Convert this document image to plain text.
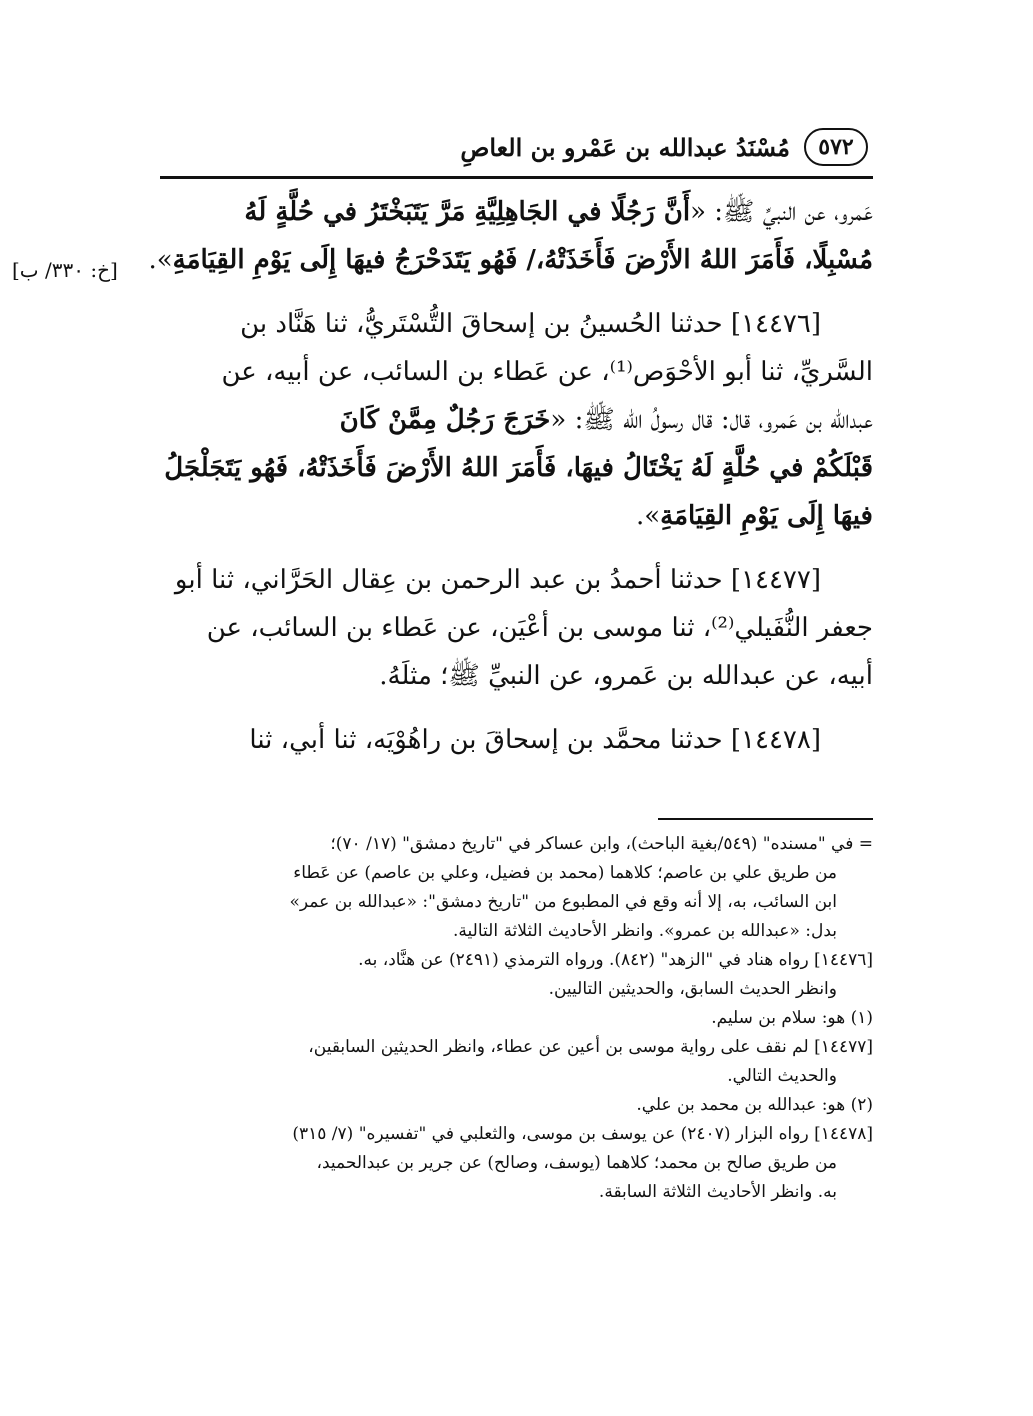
٥٧٢
مُسْنَدُ عبدالله بن عَمْرو بن العاصِ
[خ: ٣٣٠/ ب]
عَمرو، عن النبيِّ ﷺ: «أَنَّ رَجُلًا في الجَاهِلِيَّةِ مَرَّ يَتَبَخْتَرُ في حُلَّةٍ لَهُ
مُسْبِلًا، فَأَمَرَ اللهُ الأَرْضَ فَأَخَذَتْهُ،/ فَهُو يَتَدَحْرَجُ فيهَا إِلَى يَوْمِ القِيَامَةِ».
[١٤٤٧٦] حدثنا الحُسينُ بن إسحاقَ التُّسْتَريُّ، ثنا هَنَّاد بن
السَّريِّ، ثنا أبو الأحْوَص⁽¹⁾، عن عَطاء بن السائب، عن أبيه، عن
عبدالله بن عَمرو، قال: قال رسولُ الله ﷺ: «خَرَجَ رَجُلٌ مِمَّنْ كَانَ
قَبْلَكُمْ في حُلَّةٍ لَهُ يَخْتَالُ فيهَا، فَأَمَرَ اللهُ الأَرْضَ فَأَخَذَتْهُ، فَهُو يَتَجَلْجَلُ
فيهَا إِلَى يَوْمِ القِيَامَةِ».
[١٤٤٧٧] حدثنا أحمدُ بن عبد الرحمن بن عِقال الحَرَّاني، ثنا أبو
جعفر النُّفَيلي⁽²⁾، ثنا موسى بن أعْيَن، عن عَطاء بن السائب، عن
أبيه، عن عبدالله بن عَمرو، عن النبيِّ ﷺ؛ مثلَهُ.
[١٤٤٧٨] حدثنا محمَّد بن إسحاقَ بن راهُوْيَه، ثنا أبي، ثنا
= في "مسنده" (٥٤٩/بغية الباحث)، وابن عساكر في "تاريخ دمشق" (١٧/ ٧٠)؛
من طريق علي بن عاصم؛ كلاهما (محمد بن فضيل، وعلي بن عاصم) عن عَطاء
ابن السائب، به، إلا أنه وقع في المطبوع من "تاريخ دمشق": «عبدالله بن عمر»
بدل: «عبدالله بن عمرو». وانظر الأحاديث الثلاثة التالية.
[١٤٤٧٦] رواه هناد في "الزهد" (٨٤٢). ورواه الترمذي (٢٤٩١) عن هنَّاد، به.
وانظر الحديث السابق، والحديثين التاليين.
(١) هو: سلام بن سليم.
[١٤٤٧٧] لم نقف على رواية موسى بن أعين عن عطاء، وانظر الحديثين السابقين،
والحديث التالي.
(٢) هو: عبدالله بن محمد بن علي.
[١٤٤٧٨] رواه البزار (٢٤٠٧) عن يوسف بن موسى، والثعلبي في "تفسيره" (٧/ ٣١٥)
من طريق صالح بن محمد؛ كلاهما (يوسف، وصالح) عن جرير بن عبدالحميد،
به. وانظر الأحاديث الثلاثة السابقة.
